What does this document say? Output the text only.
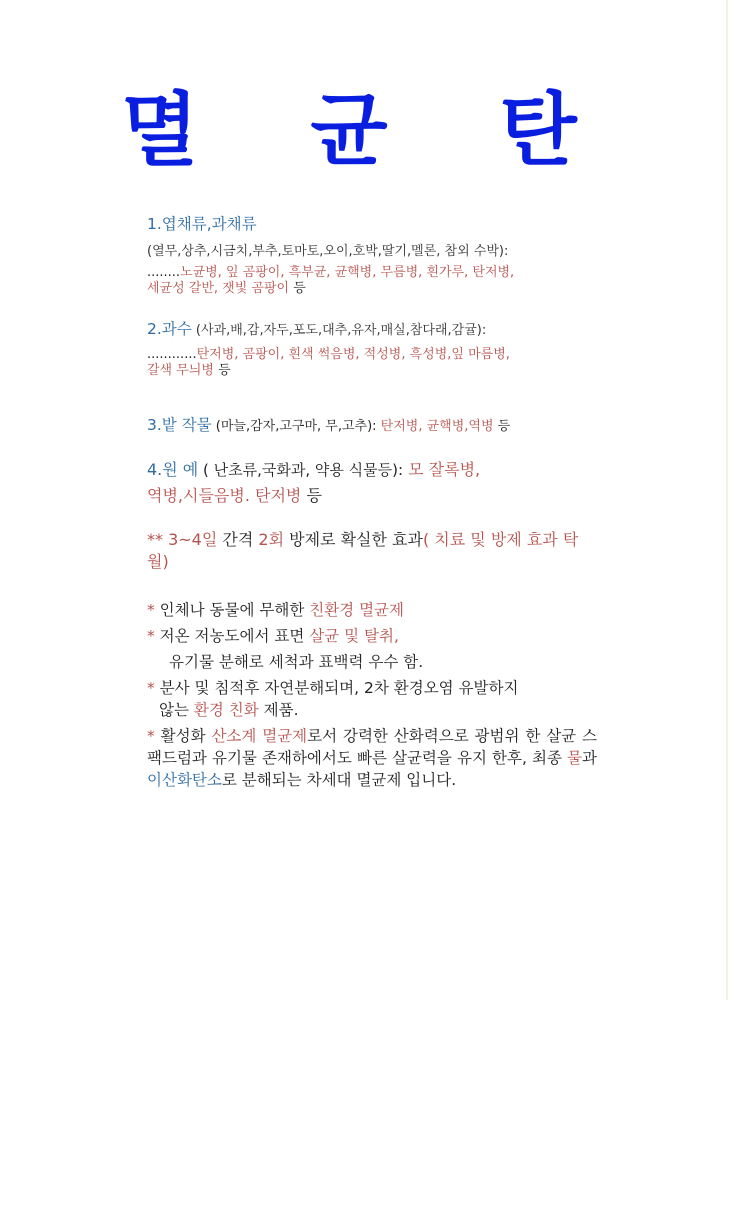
멸 균 탄
1.엽채류,과채류
(열무,상추,시금치,부추,토마토,오이,호박,딸기,멜론, 참외 수박):
........노균병, 잎 곰팡이, 흑부균, 균핵병, 무름병, 흰가루, 탄저병,
세균성 갈반, 잿빛 곰팡이 등
2.과수 (사과,배,감,자두,포도,대추,유자,매실,참다래,감귤):
............탄저병, 곰팡이, 흰색 썩음병, 적성병, 흑성병,잎 마름병,
갈색 무늬병 등
3.밭 작물 (마늘,감자,고구마, 무,고추): 탄저병, 균핵병,역병 등
4.원 예 ( 난초류,국화과, 약용 식물등): 모 잘록병,
역병,시들음병. 탄저병 등
** 3~4일 간격 2회 방제로 확실한 효과( 치료 및 방제 효과 탁월)
* 인체나 동물에 무해한 친환경 멸균제
* 저온 저농도에서 표면 살균 및 탈취,
유기물 분해로 세척과 표백력 우수 함.
* 분사 및 침적후 자연분해되며, 2차 환경오염 유발하지
않는 환경 친화 제품.
* 활성화 산소계 멸균제로서 강력한 산화력으로 광범위 한 살균 스팩드럼과 유기물 존재하에서도 빠른 살균력을 유지 한후, 최종 물과 이산화탄소로 분해되는 차세대 멸균제 입니다.
